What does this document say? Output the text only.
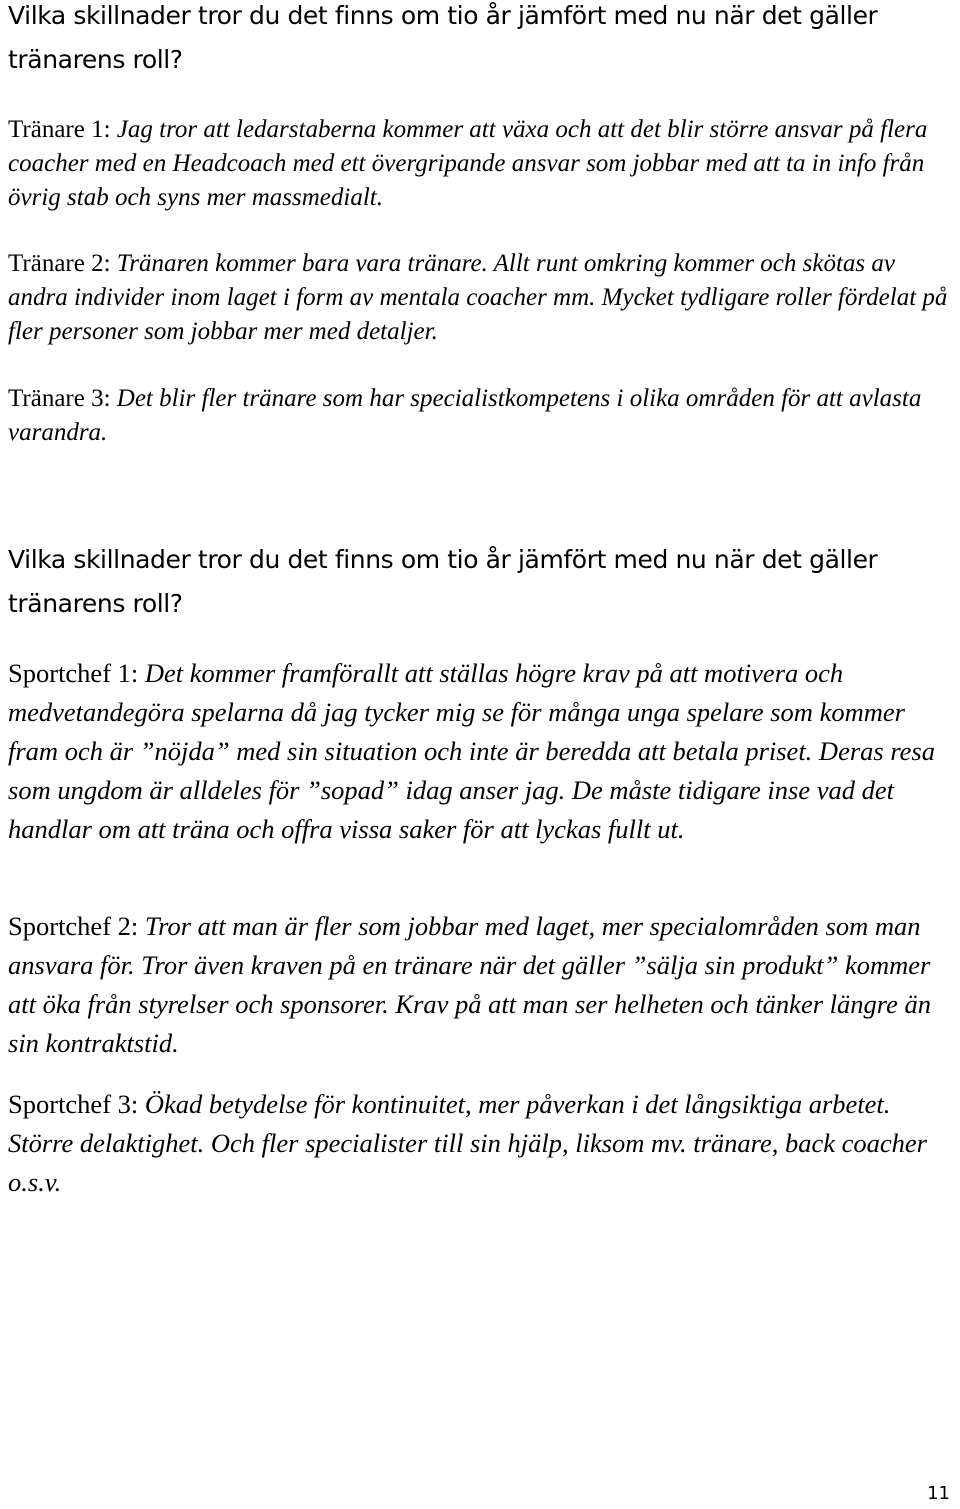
Vilka skillnader tror du det finns om tio år jämfört med nu när det gäller tränarens roll?

Tränare 1: Jag tror att ledarstaberna kommer att växa och att det blir större ansvar på flera coacher med en Headcoach med ett övergripande ansvar som jobbar med att ta in info från övrig stab och syns mer massmedialt.

Tränare 2: Tränaren kommer bara vara tränare. Allt runt omkring kommer och skötas av andra individer inom laget i form av mentala coacher mm. Mycket tydligare roller fördelat på fler personer som jobbar mer med detaljer.

Tränare 3: Det blir fler tränare som har specialistkompetens i olika områden för att avlasta varandra.

Vilka skillnader tror du det finns om tio år jämfört med nu när det gäller tränarens roll?

Sportchef 1: Det kommer framförallt att ställas högre krav på att motivera och medvetandegöra spelarna då jag tycker mig se för många unga spelare som kommer fram och är ”nöjda” med sin situation och inte är beredda att betala priset. Deras resa som ungdom är alldeles för ”sopad” idag anser jag. De måste tidigare inse vad det handlar om att träna och offra vissa saker för att lyckas fullt ut.

Sportchef 2: Tror att man är fler som jobbar med laget, mer specialområden som man ansvara för. Tror även kraven på en tränare när det gäller ”sälja sin produkt” kommer att öka från styrelser och sponsorer. Krav på att man ser helheten och tänker längre än sin kontraktstid.

Sportchef 3: Ökad betydelse för kontinuitet, mer påverkan i det långsiktiga arbetet. Större delaktighet. Och fler specialister till sin hjälp, liksom mv. tränare, back coacher o.s.v.

11
